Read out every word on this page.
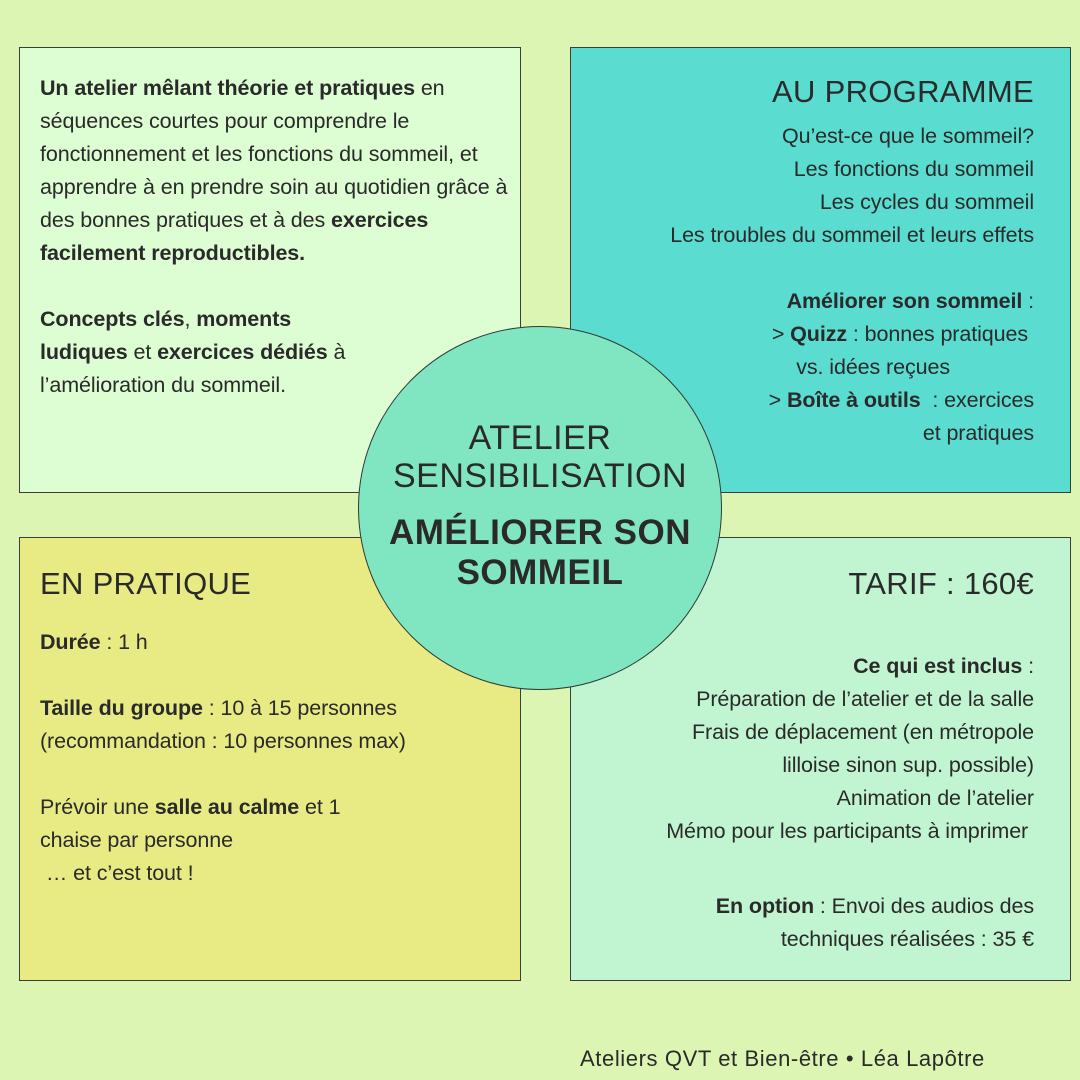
Un atelier mêlant théorie et pratiques en séquences courtes pour comprendre le fonctionnement et les fonctions du sommeil, et apprendre à en prendre soin au quotidien grâce à des bonnes pratiques et à des exercices facilement reproductibles.
Concepts clés, moments ludiques et exercices dédiés à l’amélioration du sommeil.
AU PROGRAMME
Qu’est-ce que le sommeil?
Les fonctions du sommeil
Les cycles du sommeil
Les troubles du sommeil et leurs effets
Améliorer son sommeil :
> Quizz : bonnes pratiques
vs. idées reçues
> Boîte à outils  : exercices
et pratiques
EN PRATIQUE
Durée : 1 h
Taille du groupe : 10 à 15 personnes (recommandation : 10 personnes max)
Prévoir une salle au calme et 1 chaise par personne
… et c’est tout !
TARIF : 160€
Ce qui est inclus :
Préparation de l’atelier et de la salle
Frais de déplacement (en métropole
lilloise sinon sup. possible)
Animation de l’atelier
Mémo pour les participants à imprimer
En option : Envoi des audios des
techniques réalisées : 35 €
ATELIER
SENSIBILISATION
AMÉLIORER SON
SOMMEIL
Ateliers QVT et Bien-être • Léa Lapôtre
